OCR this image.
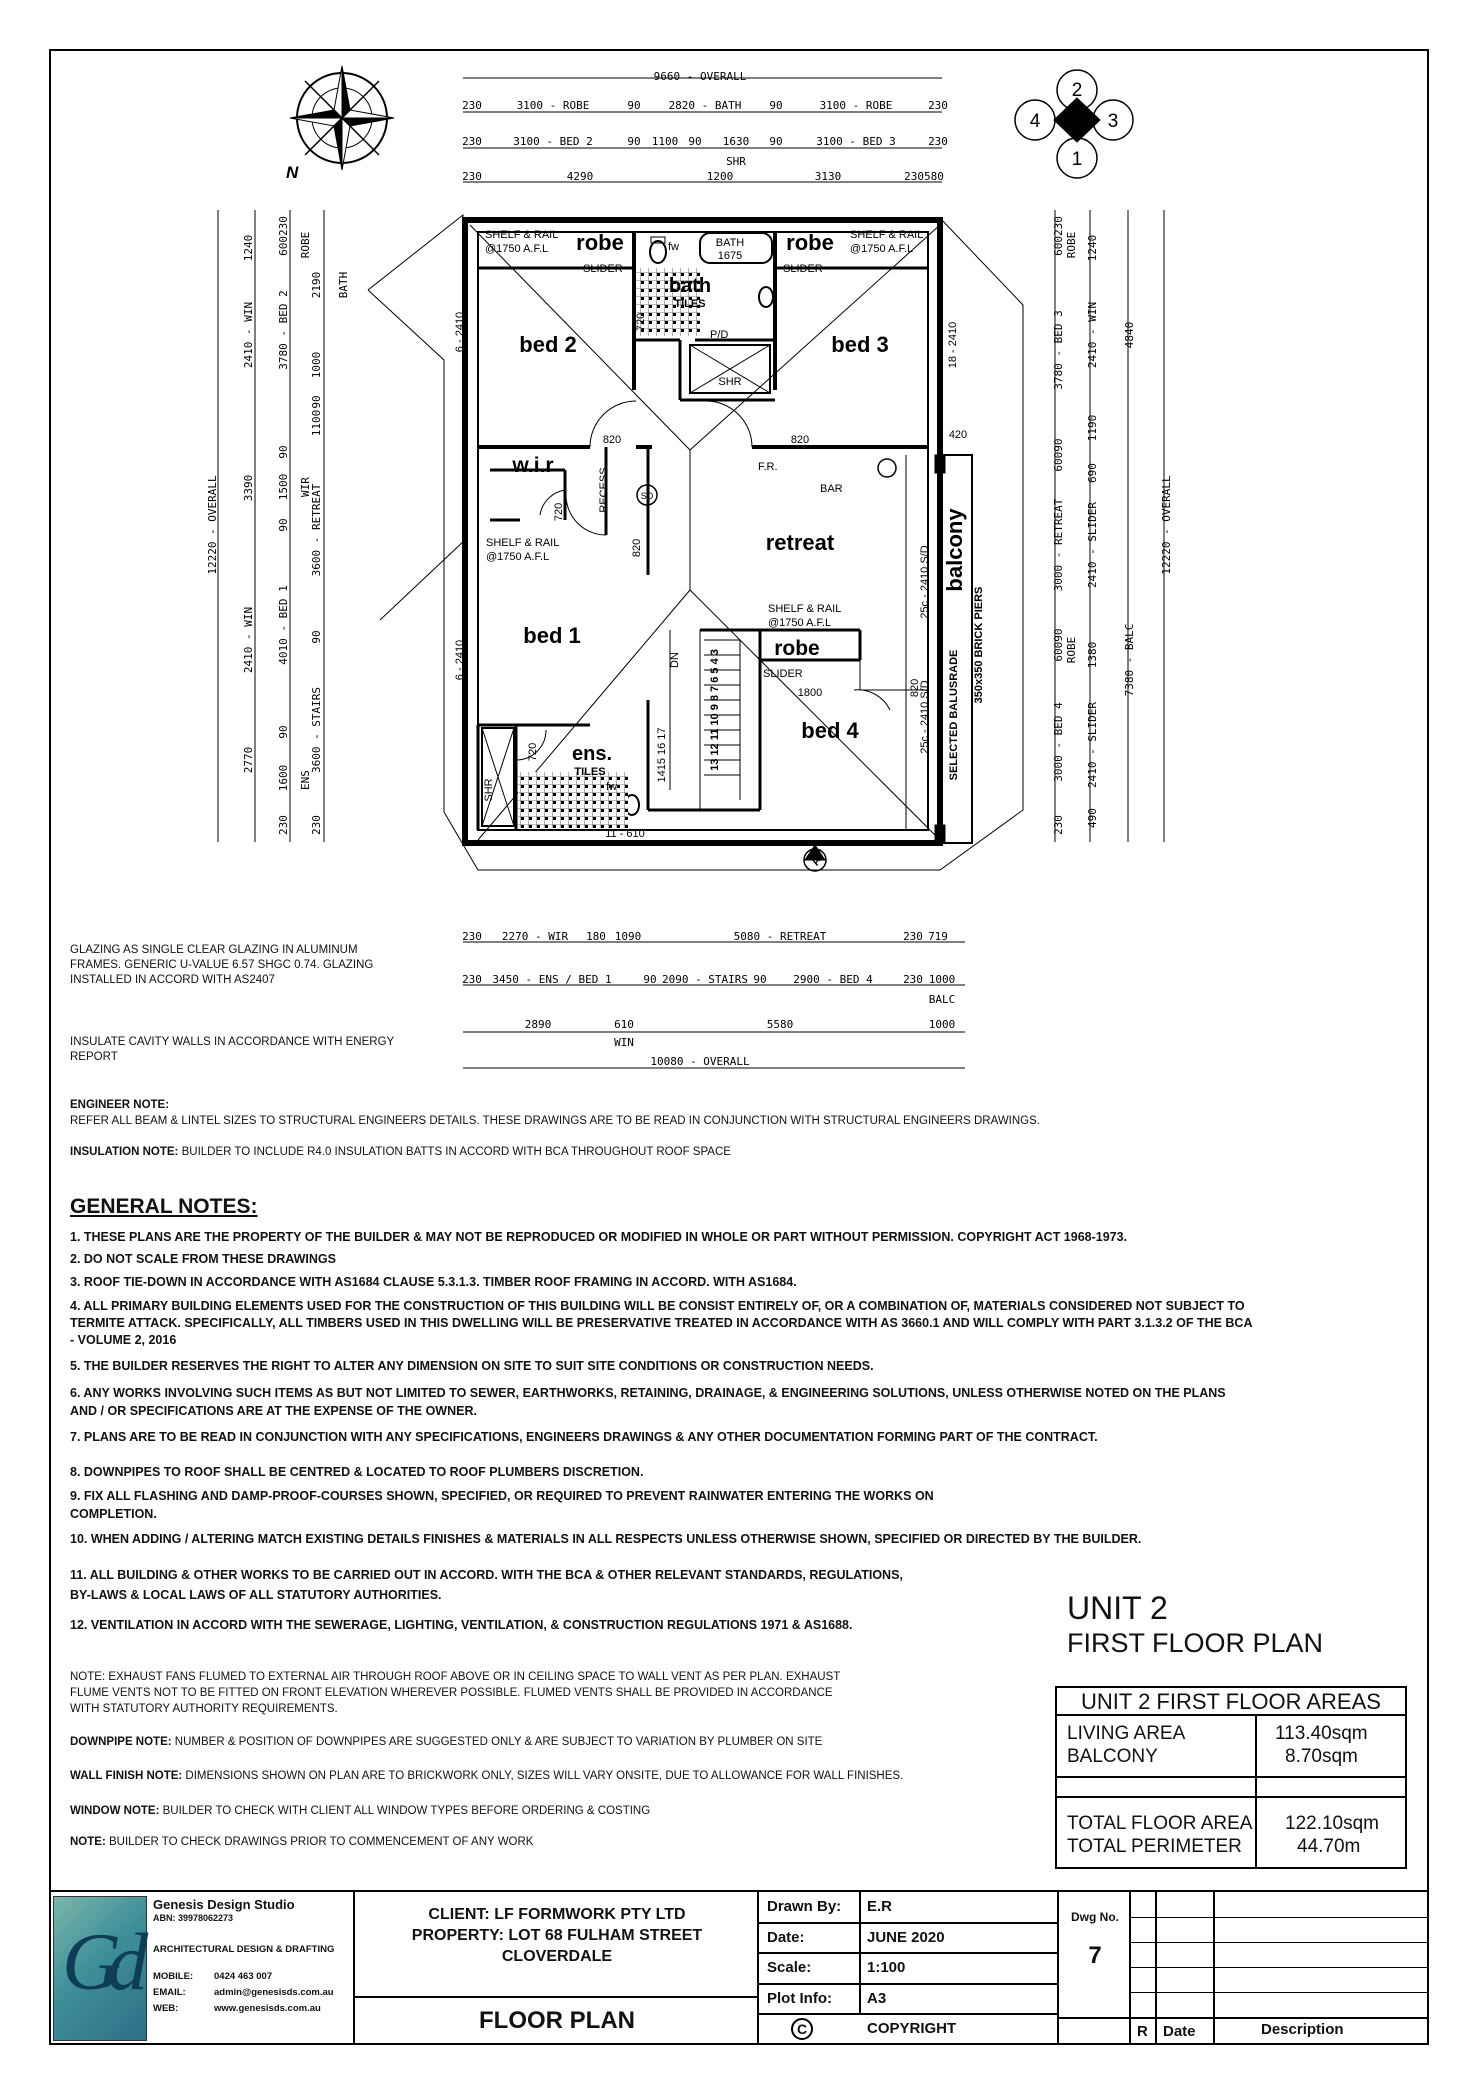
9660 - OVERALL
230	3100 - ROBE	90	2820 - BATH	90	3100 - ROBE	230
230	3100 - BED 2	90 1100 90 1630 90	3100 - BED 3	230
SHR
230	4290	1200	3130	230580
1240
2410 - WIN
3390
2410 - WIN
2770
12220 - OVERALL
600230
3780 - BED 2
90
1500
90
4010 - BED 1
90
1600
230
ROBE
BATH
2190
1000
90
1100
WIR
3600 - RETREAT
90
3600 - STAIRS
ENS
230
600230
3780 - BED 3
60090
3000 - RETREAT
60090
3000 - BED 4
230
ROBE 1240
2410 - WIN
1190
690
2410 - SLIDER
ROBE 1380
2410 - SLIDER
490
4840
7380 - BALC
12220 - OVERALL
230 2270 - WIR 180 1090	5080 - RETREAT	230 719
230 3450 - ENS / BED 1	90 2090 - STAIRS 90 2900 - BED 4	230 1000
BALC
2890	610	5580	1000
WIN
10080 - OVERALL
robe	robe
bath
bed 2	bed 3
w.i.r
retreat
bed 1
ens.
robe
bed 4
balcony
SHELF & RAIL
@1750 A.F.L
SHELF & RAIL
@1750 A.F.L
SHELF & RAIL
@1750 A.F.L
SHELF & RAIL
@1750 A.F.L
SLIDER	SLIDER
SLIDER
BATH
1675
TILES
P/D
SHR
SHR
TILES
fw
fw
820	820
820
820
720
720
720
F.R.
BAR
RECESS	SD
DN
1800
11 - 610
6 - 2410
6 - 2410
18 - 2410
420
25c - 2410 S/D
25c - 2410 S/D SELECTED BALUSRADE
350x350 BRICK PIERS
1415 16 17	13 12 11 10 9 8 7 6 5 4 3
A
N
2
4	3
1
GLAZING AS SINGLE CLEAR GLAZING IN ALUMINUM
FRAMES. GENERIC U-VALUE 6.57 SHGC 0.74. GLAZING
INSTALLED IN ACCORD WITH AS2407
INSULATE CAVITY WALLS IN ACCORDANCE WITH ENERGY
REPORT
ENGINEER NOTE:
REFER ALL BEAM & LINTEL SIZES TO STRUCTURAL ENGINEERS DETAILS. THESE DRAWINGS ARE TO BE READ IN CONJUNCTION WITH STRUCTURAL ENGINEERS DRAWINGS.
INSULATION NOTE: BUILDER TO INCLUDE R4.0 INSULATION BATTS IN ACCORD WITH BCA THROUGHOUT ROOF SPACE
GENERAL NOTES:
1. THESE PLANS ARE THE PROPERTY OF THE BUILDER & MAY NOT BE REPRODUCED OR MODIFIED IN WHOLE OR PART WITHOUT PERMISSION. COPYRIGHT ACT 1968-1973.
2. DO NOT SCALE FROM THESE DRAWINGS
3. ROOF TIE-DOWN IN ACCORDANCE WITH AS1684 CLAUSE 5.3.1.3. TIMBER ROOF FRAMING IN ACCORD. WITH AS1684.
4. ALL PRIMARY BUILDING ELEMENTS USED FOR THE CONSTRUCTION OF THIS BUILDING WILL BE CONSIST ENTIRELY OF, OR A COMBINATION OF, MATERIALS CONSIDERED NOT SUBJECT TO
TERMITE ATTACK. SPECIFICALLY, ALL TIMBERS USED IN THIS DWELLING WILL BE PRESERVATIVE TREATED IN ACCORDANCE WITH AS 3660.1 AND WILL COMPLY WITH PART 3.1.3.2 OF THE BCA
- VOLUME 2, 2016
5. THE BUILDER RESERVES THE RIGHT TO ALTER ANY DIMENSION ON SITE TO SUIT SITE CONDITIONS OR CONSTRUCTION NEEDS.
6. ANY WORKS INVOLVING SUCH ITEMS AS BUT NOT LIMITED TO SEWER, EARTHWORKS, RETAINING, DRAINAGE, & ENGINEERING SOLUTIONS, UNLESS OTHERWISE NOTED ON THE PLANS
AND / OR SPECIFICATIONS ARE AT THE EXPENSE OF THE OWNER.
7. PLANS ARE TO BE READ IN CONJUNCTION WITH ANY SPECIFICATIONS, ENGINEERS DRAWINGS & ANY OTHER DOCUMENTATION FORMING PART OF THE CONTRACT.
8. DOWNPIPES TO ROOF SHALL BE CENTRED & LOCATED TO ROOF PLUMBERS DISCRETION.
9. FIX ALL FLASHING AND DAMP-PROOF-COURSES SHOWN, SPECIFIED, OR REQUIRED TO PREVENT RAINWATER ENTERING THE WORKS ON
COMPLETION.
10. WHEN ADDING / ALTERING MATCH EXISTING DETAILS FINISHES & MATERIALS IN ALL RESPECTS UNLESS OTHERWISE SHOWN, SPECIFIED OR DIRECTED BY THE BUILDER.
11. ALL BUILDING & OTHER WORKS TO BE CARRIED OUT IN ACCORD. WITH THE BCA & OTHER RELEVANT STANDARDS, REGULATIONS,
BY-LAWS & LOCAL LAWS OF ALL STATUTORY AUTHORITIES.
12. VENTILATION IN ACCORD WITH THE SEWERAGE, LIGHTING, VENTILATION, & CONSTRUCTION REGULATIONS 1971 & AS1688.
NOTE: EXHAUST FANS FLUMED TO EXTERNAL AIR THROUGH ROOF ABOVE OR IN CEILING SPACE TO WALL VENT AS PER PLAN. EXHAUST
FLUME VENTS NOT TO BE FITTED ON FRONT ELEVATION WHEREVER POSSIBLE. FLUMED VENTS SHALL BE PROVIDED IN ACCORDANCE
WITH STATUTORY AUTHORITY REQUIREMENTS.
DOWNPIPE NOTE: NUMBER & POSITION OF DOWNPIPES ARE SUGGESTED ONLY & ARE SUBJECT TO VARIATION BY PLUMBER ON SITE
WALL FINISH NOTE: DIMENSIONS SHOWN ON PLAN ARE TO BRICKWORK ONLY, SIZES WILL VARY ONSITE, DUE TO ALLOWANCE FOR WALL FINISHES.
WINDOW NOTE: BUILDER TO CHECK WITH CLIENT ALL WINDOW TYPES BEFORE ORDERING & COSTING
NOTE: BUILDER TO CHECK DRAWINGS PRIOR TO COMMENCEMENT OF ANY WORK
UNIT 2
FIRST FLOOR PLAN
UNIT 2 FIRST FLOOR AREAS
LIVING AREA	113.40sqm
BALCONY	8.70sqm
TOTAL FLOOR AREA 122.10sqm
TOTAL PERIMETER	44.70m
Gd
Genesis Design Studio
ABN: 39978062273
ARCHITECTURAL DESIGN & DRAFTING
MOBILE: 0424 463 007
EMAIL:	admin@genesisds.com.au
WEB:	www.genesisds.com.au
CLIENT: LF FORMWORK PTY LTD
PROPERTY: LOT 68 FULHAM STREET
CLOVERDALE
FLOOR PLAN
Drawn By: E.R
Date:	JUNE 2020
Scale:	1:100
Plot Info: A3
C	COPYRIGHT
Dwg No.
7
R Date	Description
